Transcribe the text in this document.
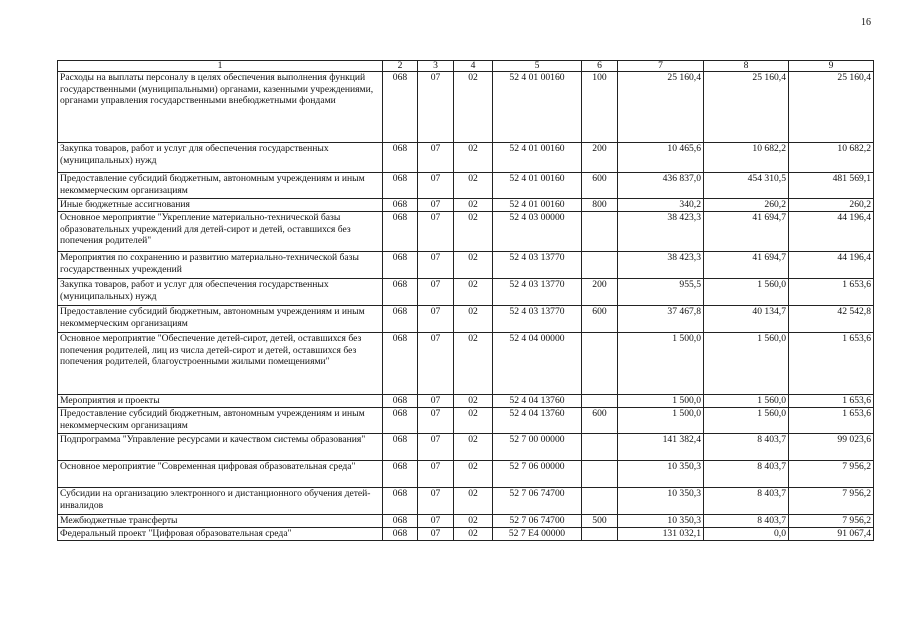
16
1	2	3	4	5	6	7	8	9
Расходы на выплаты персоналу в целях обеспечения выполнения функций государственными (муниципальными) органами, казенными учреждениями, органами управления государственными внебюджетными фондами	068	07	02	52 4 01 00160	100	25 160,4	25 160,4	25 160,4
Закупка товаров, работ и услуг для обеспечения государственных (муниципальных) нужд	068	07	02	52 4 01 00160	200	10 465,6	10 682,2	10 682,2
Предоставление субсидий бюджетным, автономным учреждениям и иным некоммерческим организациям	068	07	02	52 4 01 00160	600	436 837,0	454 310,5	481 569,1
Иные бюджетные ассигнования	068	07	02	52 4 01 00160	800	340,2	260,2	260,2
Основное мероприятие "Укрепление материально-технической базы образовательных учреждений для детей-сирот и детей, оставшихся без попечения родителей"	068	07	02	52 4 03 00000		38 423,3	41 694,7	44 196,4
Мероприятия по сохранению и развитию материально-технической базы государственных учреждений	068	07	02	52 4 03 13770		38 423,3	41 694,7	44 196,4
Закупка товаров, работ и услуг для обеспечения государственных (муниципальных) нужд	068	07	02	52 4 03 13770	200	955,5	1 560,0	1 653,6
Предоставление субсидий бюджетным, автономным учреждениям и иным некоммерческим организациям	068	07	02	52 4 03 13770	600	37 467,8	40 134,7	42 542,8
Основное мероприятие "Обеспечение детей-сирот, детей, оставшихся без попечения родителей, лиц из числа детей-сирот и детей, оставшихся без попечения родителей, благоустроенными жилыми помещениями"	068	07	02	52 4 04 00000		1 500,0	1 560,0	1 653,6
Мероприятия и проекты	068	07	02	52 4 04 13760		1 500,0	1 560,0	1 653,6
Предоставление субсидий бюджетным, автономным учреждениям и иным некоммерческим организациям	068	07	02	52 4 04 13760	600	1 500,0	1 560,0	1 653,6
Подпрограмма "Управление ресурсами и качеством системы образования"	068	07	02	52 7 00 00000		141 382,4	8 403,7	99 023,6
Основное мероприятие "Современная цифровая образовательная среда"	068	07	02	52 7 06 00000		10 350,3	8 403,7	7 956,2
Субсидии на организацию электронного и дистанционного обучения детей-инвалидов	068	07	02	52 7 06 74700		10 350,3	8 403,7	7 956,2
Межбюджетные трансферты	068	07	02	52 7 06 74700	500	10 350,3	8 403,7	7 956,2
Федеральный проект "Цифровая образовательная среда"	068	07	02	52 7 E4 00000		131 032,1	0,0	91 067,4
